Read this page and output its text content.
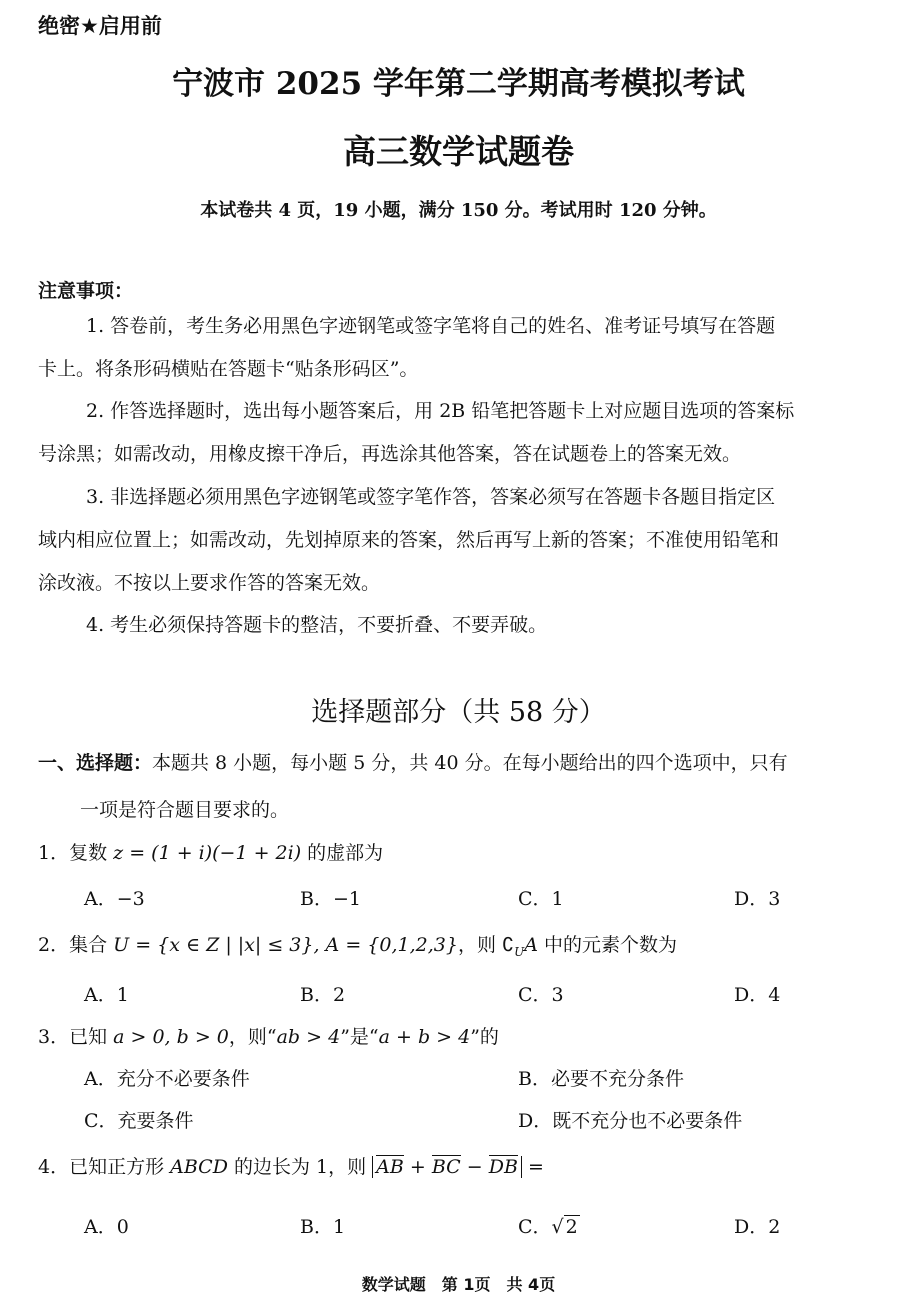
绝密★启用前
宁波市 2025 学年第二学期高考模拟考试
高三数学试题卷
本试卷共 4 页，19 小题，满分 150 分。考试用时 120 分钟。
注意事项：
1. 答卷前，考生务必用黑色字迹钢笔或签字笔将自己的姓名、准考证号填写在答题
卡上。将条形码横贴在答题卡“贴条形码区”。
2. 作答选择题时，选出每小题答案后，用 2B 铅笔把答题卡上对应题目选项的答案标
号涂黑；如需改动，用橡皮擦干净后，再选涂其他答案，答在试题卷上的答案无效。
3. 非选择题必须用黑色字迹钢笔或签字笔作答，答案必须写在答题卡各题目指定区
域内相应位置上；如需改动，先划掉原来的答案，然后再写上新的答案；不准使用铅笔和
涂改液。不按以上要求作答的答案无效。
4. 考生必须保持答题卡的整洁，不要折叠、不要弄破。
选择题部分（共 58 分）
一、选择题：本题共 8 小题，每小题 5 分，共 40 分。在每小题给出的四个选项中，只有
一项是符合题目要求的。
1．复数 z = (1 + i)(−1 + 2i) 的虚部为
A．−3	B．−1	C．1	D．3
2．集合 U = {x ∈ Z | |x| ≤ 3}, A = {0,1,2,3}，则 $∁_UA$ 中的元素个数为
A．1	B．2	C．3	D．4
3．已知 a > 0, b > 0，则“ab > 4”是“a + b > 4”的
A．充分不必要条件	B．必要不充分条件
C．充要条件	D．既不充分也不必要条件
4．已知正方形 ABCD 的边长为 1，则 AB + BC − DB =
A．0	B．1	C．√ 2	D．2
数学试题　第 1页　共 4页
